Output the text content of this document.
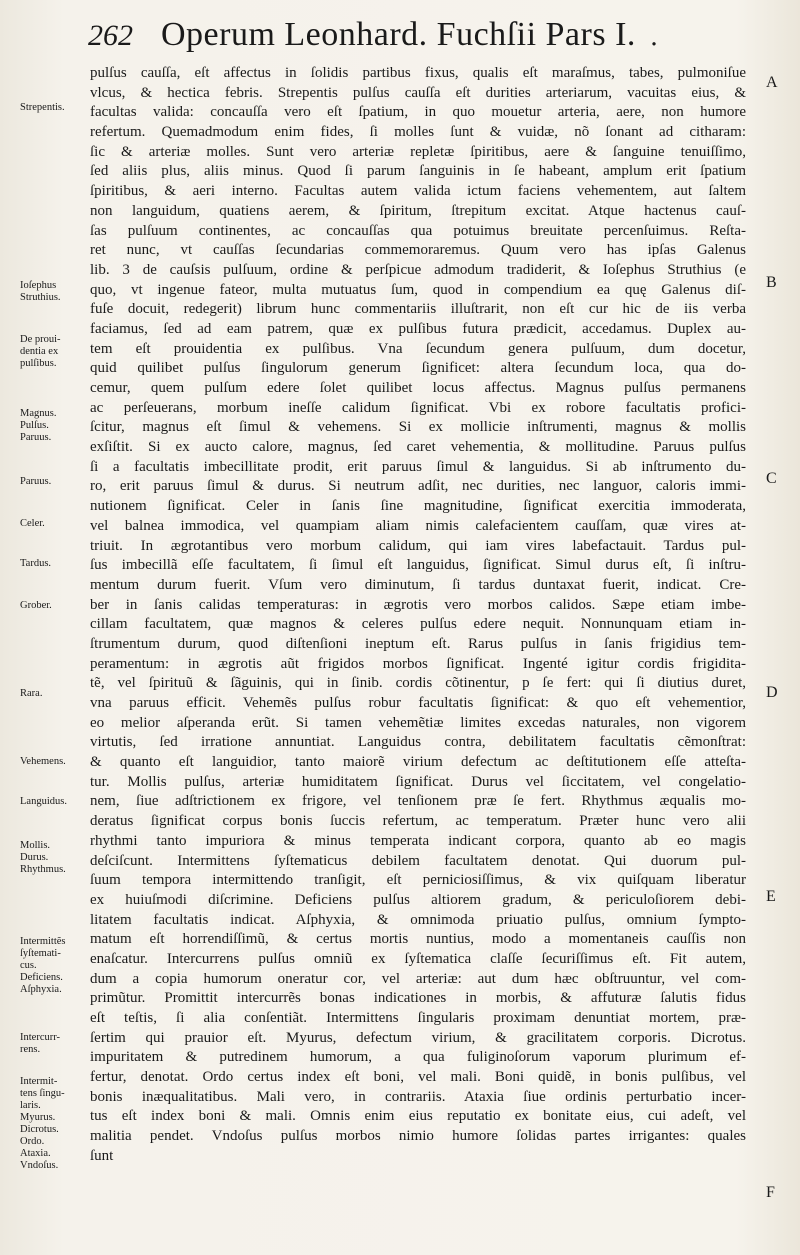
262 Operum Leonhard. Fuchſii Pars I. .
Strepentis.
Ioſephus
Struthius.
De proui-
dentia ex
pulſibus.
Magnus.
Pulſus.
Paruus.
Paruus.
Celer.
Tardus.
Grober.
Rara.
Vehemens.
Languidus.
Mollis.
Durus.
Rhythmus.
Intermittẽs
ſyſtemati-
cus.
Deficiens.
Aſphyxia.
Intercurr-
rens.
Intermit-
tens ſingu-
laris.
Myurus.
Dicrotus.
Ordo.
Ataxia.
Vndoſus.
pulſus cauſſa, eſt affectus in ſolidis partibus fixus, qualis eſt maraſmus, tabes, pulmoniſue
vlcus, & hectica febris. Strepentis pulſus cauſſa eſt durities arteriarum, vacuitas eius, &
facultas valida: concauſſa vero eſt ſpatium, in quo mouetur arteria, aere, non humore
refertum. Quemadmodum enim fides, ſi molles ſunt & vuidæ, nõ ſonant ad citharam:
ſic & arteriæ molles. Sunt vero arteriæ repletæ ſpiritibus, aere & ſanguine tenuiſſimo,
ſed aliis plus, aliis minus. Quod ſi parum ſanguinis in ſe habeant, amplum erit ſpatium
ſpiritibus, & aeri interno. Facultas autem valida ictum faciens vehementem, aut ſaltem
non languidum, quatiens aerem, & ſpiritum, ſtrepitum excitat. Atque hactenus cauſ-
ſas pulſuum continentes, ac concauſſas qua potuimus breuitate percenſuimus. Reſta-
ret nunc, vt cauſſas ſecundarias commemoraremus. Quum vero has ipſas Galenus
lib. 3 de cauſsis pulſuum, ordine & perſpicue admodum tradiderit, & Ioſephus Struthius (e
quo, vt ingenue fateor, multa mutuatus ſum, quod in compendium ea quę Galenus diſ-
fuſe docuit, redegerit) librum hunc commentariis illuſtrarit, non eſt cur hic de iis verba
faciamus, ſed ad eam patrem, quæ ex pulſibus futura prædicit, accedamus. Duplex au-
tem eſt prouidentia ex pulſibus. Vna ſecundum genera pulſuum, dum docetur,
quid quilibet pulſus ſingulorum generum ſignificet: altera ſecundum loca, qua do-
cemur, quem pulſum edere ſolet quilibet locus affectus. Magnus pulſus permanens
ac perſeuerans, morbum ineſſe calidum ſignificat. Vbi ex robore facultatis profici-
ſcitur, magnus eſt ſimul & vehemens. Si ex mollicie inſtrumenti, magnus & mollis
exſiſtit. Si ex aucto calore, magnus, ſed caret vehementia, & mollitudine. Paruus pulſus
ſi a facultatis imbecillitate prodit, erit paruus ſimul & languidus. Si ab inſtrumento du-
ro, erit paruus ſimul & durus. Si neutrum adſit, nec durities, nec languor, caloris immi-
nutionem ſignificat. Celer in ſanis ſine magnitudine, ſignificat exercitia immoderata,
vel balnea immodica, vel quampiam aliam nimis calefacientem cauſſam, quæ vires at-
triuit. In ægrotantibus vero morbum calidum, qui iam vires labefactauit. Tardus pul-
ſus imbecillã eſſe facultatem, ſi ſimul eſt languidus, ſignificat. Simul durus eſt, ſi inſtru-
mentum durum fuerit. Vſum vero diminutum, ſi tardus duntaxat fuerit, indicat. Cre-
ber in ſanis calidas temperaturas: in ægrotis vero morbos calidos. Sæpe etiam imbe-
cillam facultatem, quæ magnos & celeres pulſus edere nequit. Nonnunquam etiam in-
ſtrumentum durum, quod diſtenſioni ineptum eſt. Rarus pulſus in ſanis frigidius tem-
peramentum: in ægrotis aũt frigidos morbos ſignificat. Ingenté igitur cordis frigidita-
tẽ, vel ſpirituũ & ſãguinis, qui in ſinib. cordis cõtinentur, p ſe fert: qui ſi diutius duret,
vna paruus efficit. Vehemẽs pulſus robur facultatis ſignificat: & quo eſt vehementior,
eo melior aſperanda erũt. Si tamen vehemẽtiæ limites excedas naturales, non vigorem
virtutis, ſed irratione annuntiat. Languidus contra, debilitatem facultatis cẽmonſtrat:
& quanto eſt languidior, tanto maiorẽ virium defectum ac deſtitutionem eſſe atteſta-
tur. Mollis pulſus, arteriæ humiditatem ſignificat. Durus vel ſiccitatem, vel congelatio-
nem, ſiue adſtrictionem ex frigore, vel tenſionem præ ſe fert. Rhythmus æqualis mo-
deratus ſignificat corpus bonis ſuccis refertum, ac temperatum. Præter hunc vero alii
rhythmi tanto impuriora & minus temperata indicant corpora, quanto ab eo magis
deſciſcunt. Intermittens ſyſtematicus debilem facultatem denotat. Qui duorum pul-
ſuum tempora intermittendo tranſigit, eſt perniciosiſſimus, & vix quiſquam liberatur
ex huiuſmodi diſcrimine. Deficiens pulſus altiorem gradum, & periculoſiorem debi-
litatem facultatis indicat. Aſphyxia, & omnimoda priuatio pulſus, omnium ſympto-
matum eſt horrendiſſimũ, & certus mortis nuntius, modo a momentaneis cauſſis non
enaſcatur. Intercurrens pulſus omniũ ex ſyſtematica claſſe ſecuriſſimus eſt. Fit autem,
dum a copia humorum oneratur cor, vel arteriæ: aut dum hæc obſtruuntur, vel com-
primũtur. Promittit intercurrẽs bonas indicationes in morbis, & affuturæ ſalutis fidus
eſt teſtis, ſi alia conſentiãt. Intermittens ſingularis proximam denuntiat mortem, præ-
ſertim qui prauior eſt. Myurus, defectum virium, & gracilitatem corporis. Dicrotus.
impuritatem & putredinem humorum, a qua fuliginoſorum vaporum plurimum ef-
fertur, denotat. Ordo certus index eſt boni, vel mali. Boni quidẽ, in bonis pulſibus, vel
bonis inæqualitatibus. Mali vero, in contrariis. Ataxia ſiue ordinis perturbatio incer-
tus eſt index boni & mali. Omnis enim eius reputatio ex bonitate eius, cui adeſt, vel
malitia pendet. Vndoſus pulſus morbos nimio humore ſolidas partes irrigantes: quales
ſunt
A
B
C
D
E
F
